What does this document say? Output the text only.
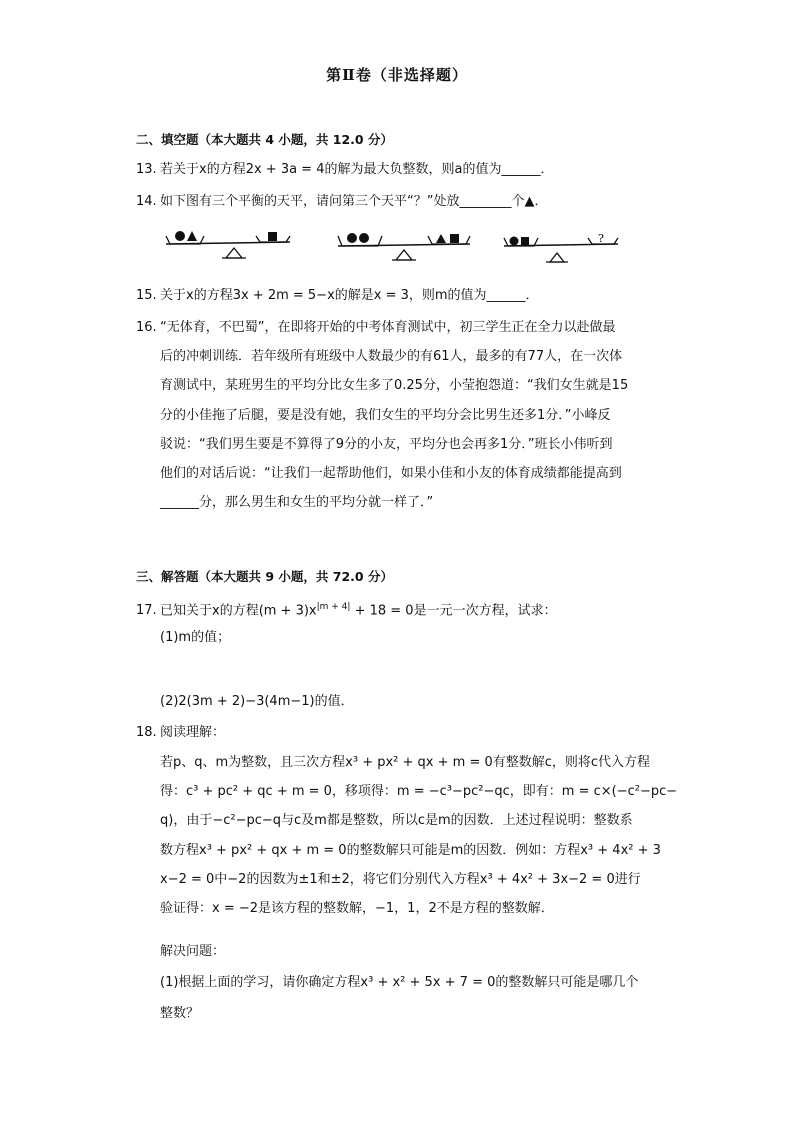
第Ⅱ卷（非选择题）
二、填空题（本大题共 4 小题，共 12.0 分）
13. 若关于x的方程2x + 3a = 4的解为最大负整数，则a的值为______．
14. 如下图有三个平衡的天平，请问第三个天平“？”处放________个▲．
?
15. 关于x的方程3x + 2m = 5−x的解是x = 3，则m的值为______．
16. “无体育，不巴蜀”，在即将开始的中考体育测试中，初三学生正在全力以赴做最
后的冲刺训练．若年级所有班级中人数最少的有61人，最多的有77人，在一次体
育测试中，某班男生的平均分比女生多了0.25分，小莹抱怨道：“我们女生就是15
分的小佳拖了后腿，要是没有她，我们女生的平均分会比男生还多1分．”小峰反
驳说：“我们男生要是不算得了9分的小友，平均分也会再多1分．”班长小伟听到
他们的对话后说：“让我们一起帮助他们，如果小佳和小友的体育成绩都能提高到
______分，那么男生和女生的平均分就一样了．”
三、解答题（本大题共 9 小题，共 72.0 分）
17. 已知关于x的方程$(m + 3)x^{|m + 4|} + 18 = 0$是一元一次方程，试求：
(1)m的值；
(2)2(3m + 2)−3(4m−1)的值．
18. 阅读理解：
若p、q、m为整数，且三次方程x³ + px² + qx + m = 0有整数解c，则将c代入方程
得：c³ + pc² + qc + m = 0，移项得：m = −c³−pc²−qc，即有：m = c×(−c²−pc−
q)，由于−c²−pc−q与c及m都是整数，所以c是m的因数．上述过程说明：整数系
数方程x³ + px² + qx + m = 0的整数解只可能是m的因数．例如：方程x³ + 4x² + 3
x−2 = 0中−2的因数为±1和±2，将它们分别代入方程x³ + 4x² + 3x−2 = 0进行
验证得：x = −2是该方程的整数解，−1，1，2不是方程的整数解．
解决问题：
(1)根据上面的学习，请你确定方程x³ + x² + 5x + 7 = 0的整数解只可能是哪几个
整数？
